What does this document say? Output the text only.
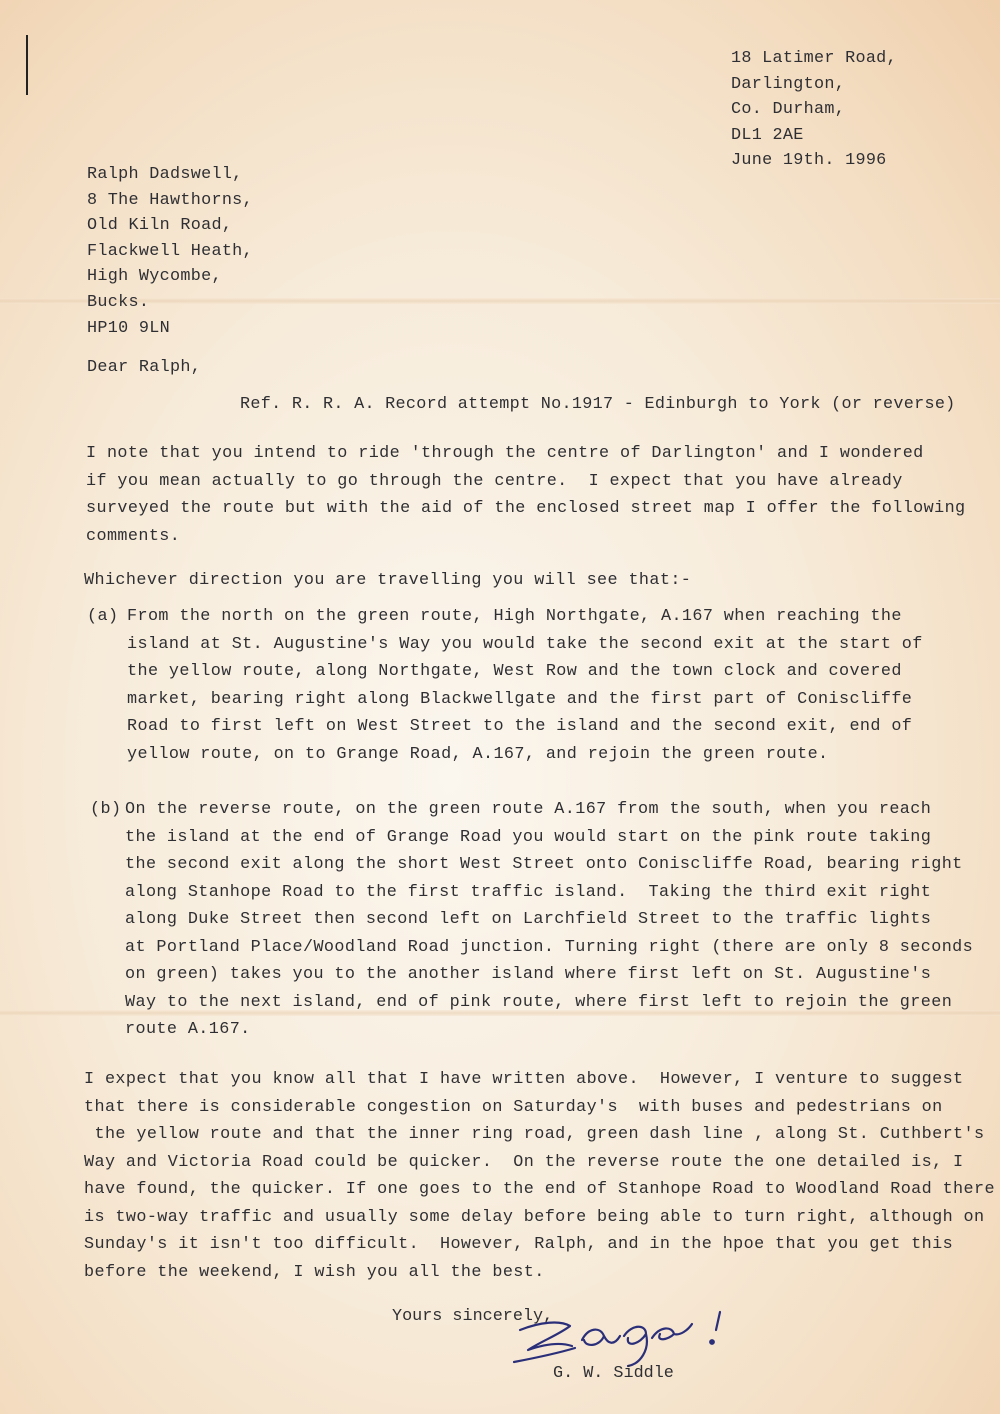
18 Latimer Road,
Darlington,
Co. Durham,
DL1 2AE
June 19th. 1996
Ralph Dadswell,
8 The Hawthorns,
Old Kiln Road,
Flackwell Heath,
High Wycombe,
Bucks.
HP10 9LN
Dear Ralph,
Ref. R. R. A. Record attempt No.1917 - Edinburgh to York (or reverse)
I note that you intend to ride 'through the centre of Darlington' and I wondered
if you mean actually to go through the centre.  I expect that you have already
surveyed the route but with the aid of the enclosed street map I offer the following
comments.
Whichever direction you are travelling you will see that:-
(a) From the north on the green route, High Northgate, A.167 when reaching the
island at St. Augustine's Way you would take the second exit at the start of
the yellow route, along Northgate, West Row and the town clock and covered
market, bearing right along Blackwellgate and the first part of Coniscliffe
Road to first left on West Street to the island and the second exit, end of
yellow route, on to Grange Road, A.167, and rejoin the green route.
(b) On the reverse route, on the green route A.167 from the south, when you reach
the island at the end of Grange Road you would start on the pink route taking
the second exit along the short West Street onto Coniscliffe Road, bearing right
along Stanhope Road to the first traffic island.  Taking the third exit right
along Duke Street then second left on Larchfield Street to the traffic lights
at Portland Place/Woodland Road junction. Turning right (there are only 8 seconds
on green) takes you to the another island where first left on St. Augustine's
Way to the next island, end of pink route, where first left to rejoin the green
route A.167.
I expect that you know all that I have written above.  However, I venture to suggest
that there is considerable congestion on Saturday's  with buses and pedestrians on
the yellow route and that the inner ring road, green dash line , along St. Cuthbert's
Way and Victoria Road could be quicker.  On the reverse route the one detailed is, I
have found, the quicker. If one goes to the end of Stanhope Road to Woodland Road there
is two-way traffic and usually some delay before being able to turn right, although on
Sunday's it isn't too difficult.  However, Ralph, and in the hpoe that you get this
before the weekend, I wish you all the best.
Yours sincerely,
G. W. Siddle
